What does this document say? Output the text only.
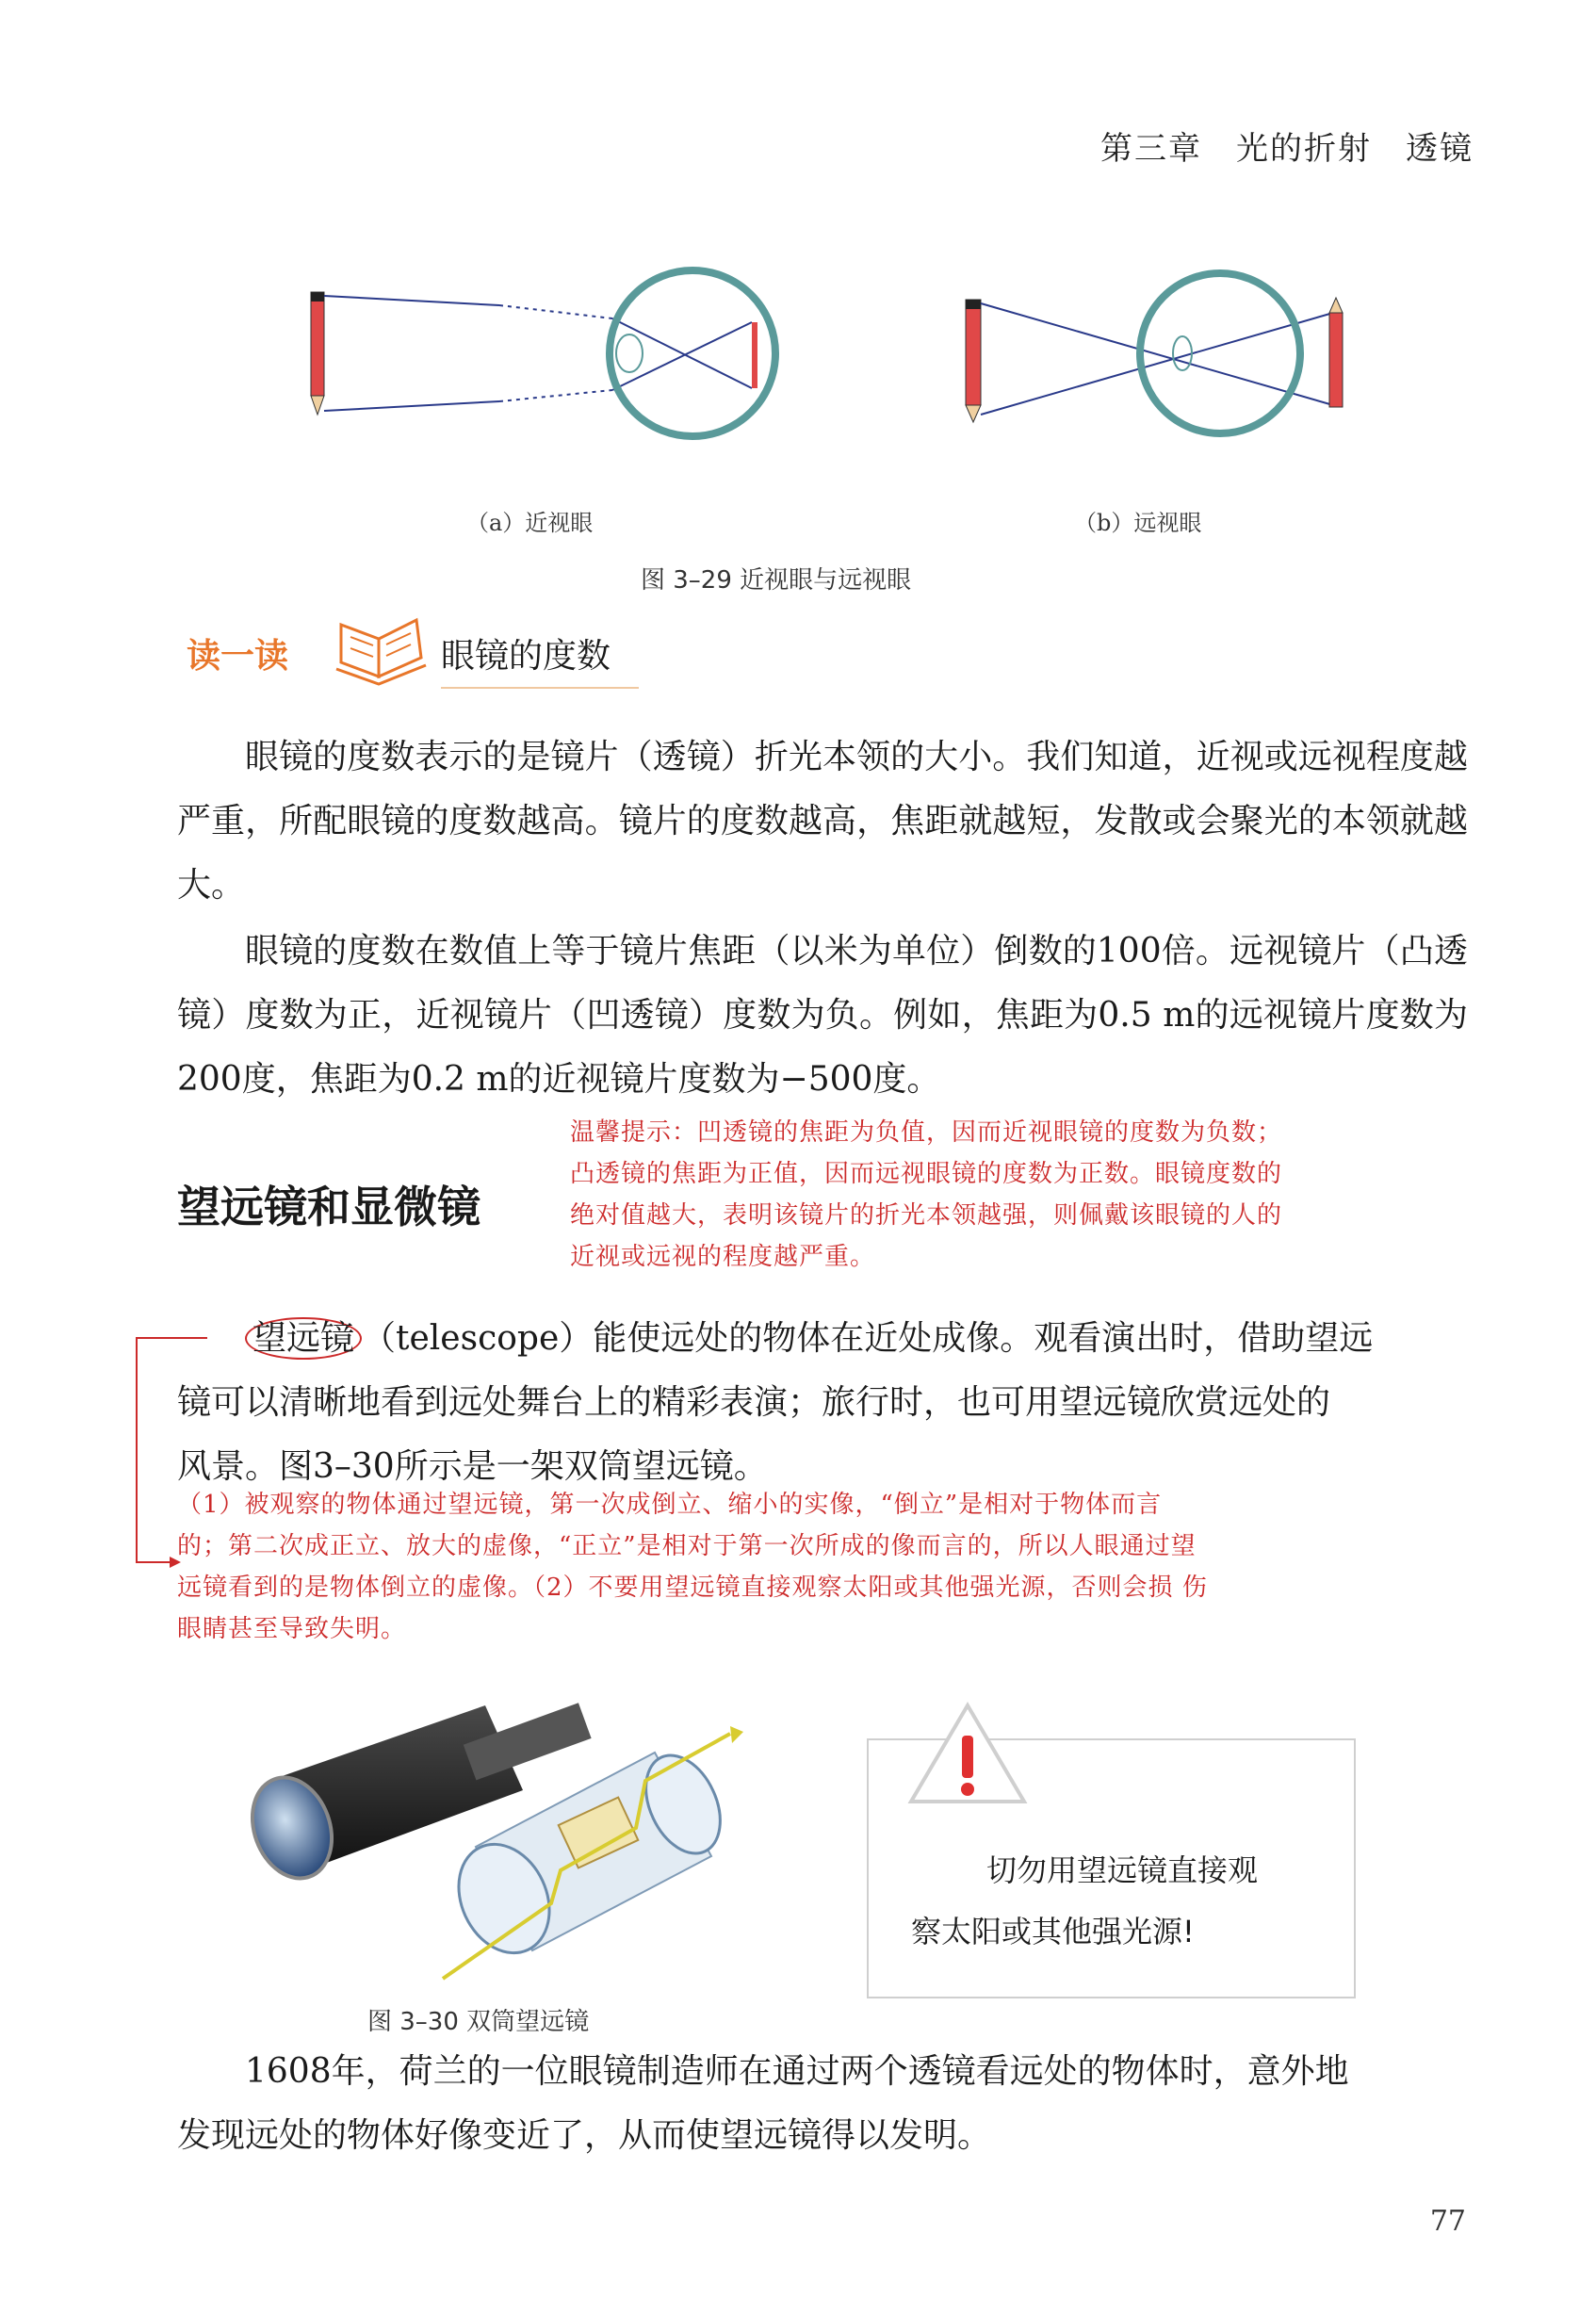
第三章　光的折射　透镜
（a）近视眼	（b）远视眼
图 3–29 近视眼与远视眼
读一读	眼镜的度数

眼镜的度数表示的是镜片（透镜）折光本领的大小。我们知道，近视或远视程度越严重，所配眼镜的度数越高。镜片的度数越高，焦距就越短，发散或会聚光的本领就越大。

眼镜的度数在数值上等于镜片焦距（以米为单位）倒数的100倍。远视镜片（凸透镜）度数为正，近视镜片（凹透镜）度数为负。例如，焦距为0.5 m的远视镜片度数为200度，焦距为0.2 m的近视镜片度数为−500度。

温馨提示：凹透镜的焦距为负值，因而近视眼镜的度数为负数；
凸透镜的焦距为正值，因而远视眼镜的度数为正数。眼镜度数的
绝对值越大，表明该镜片的折光本领越强，则佩戴该眼镜的人的
近视或远视的程度越严重。
望远镜和显微镜
望远镜 （telescope）能使远处的物体在近处成像。观看演出时，借助望远
镜可以清晰地看到远处舞台上的精彩表演；旅行时，也可用望远镜欣赏远处的
风景。图3–30所示是一架双筒望远镜。
（1）被观察的物体通过望远镜，第一次成倒立、缩小的实像，“倒立”是相对于物体而言
的；第二次成正立、放大的虚像，“正立”是相对于第一次所成的像而言的，所以人眼通过望
远镜看到的是物体倒立的虚像。（2）不要用望远镜直接观察太阳或其他强光源，否则会损 伤
眼睛甚至导致失明。
图 3–30 双筒望远镜
切勿用望远镜直接观
察太阳或其他强光源!
1608年，荷兰的一位眼镜制造师在通过两个透镜看远处的物体时，意外地
发现远处的物体好像变近了，从而使望远镜得以发明。
77
